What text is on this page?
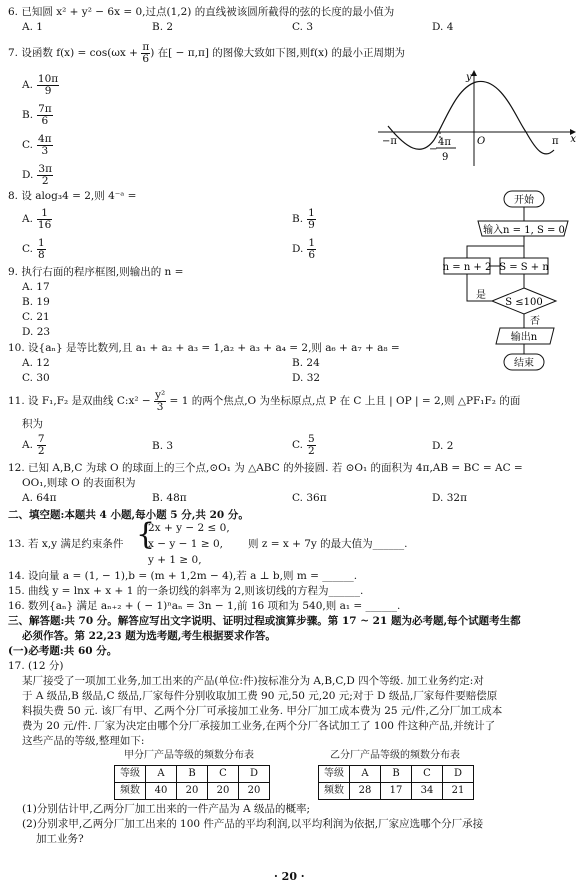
6. 已知圆 x² + y² − 6x = 0,过点(1,2) 的直线被该圆所截得的弦的长度的最小值为
A. 1	B. 2	C. 3	D. 4
7. 设函数 $f(x) = \cos(\omega x + \frac{\pi}{6}$ ) 在[ − π,π] 的图像大致如下图,则f(x) 的最小正周期为
A. $\frac{10\pi}{9}$
B. $\frac{7\pi}{6}$
C. $\frac{4\pi}{3}$
D. $\frac{3\pi}{2}$
x
y
−π	π
O
−
4π
9
8. 设 alog₃4 = 2,则 4⁻ᵃ =
A. $\frac{1}{16}$	B. $\frac{1}{9}$
C. $\frac{1}{8}$	D. $\frac{1}{6}$
开始
输入n = 1, S = 0
n = n + 2 S = S + n
S ≤100
是
否
输出n
结束
9. 执行右面的程序框图,则输出的 n =
A. 17
B. 19
C. 21
D. 23
10. 设{aₙ} 是等比数列,且 a₁ + a₂ + a₃ = 1,a₂ + a₃ + a₄ = 2,则 a₆ + a₇ + a₈ =
A. 12	B. 24
C. 30	D. 32
11. 设 F₁,F₂ 是双曲线 C:x² − $\frac{\text{y²}}{3} = 1$ 的两个焦点,O 为坐标原点,点 P 在 C 上且 | OP | = 2,则 △PF₁F₂ 的面
积为
A. $\frac{7}{2}$	B. 3	C. $\frac{5}{2}$	D. 2
12. 已知 A,B,C 为球 O 的球面上的三个点,⊙O₁ 为 △ABC 的外接圆. 若 ⊙O₁ 的面积为 4π,AB = BC = AC =
OO₁,则球 O 的表面积为
A. 64π	B. 48π	C. 36π	D. 32π
二、填空题:本题共 4 小题,每小题 5 分,共 20 分。
13. 若 x,y 满足约束条件 {
2x + y − 2 ≤ 0,
x − y − 1 ≥ 0,
y + 1 ≥ 0,
则 z = x + 7y 的最大值为______.
14. 设向量 a = (1, − 1),b = (m + 1,2m − 4),若 a ⊥ b,则 m = ______.
15. 曲线 y = lnx + x + 1 的一条切线的斜率为 2,则该切线的方程为______.
16. 数列{aₙ} 满足 aₙ₊₂ + ( − 1)ⁿaₙ = 3n − 1,前 16 项和为 540,则 a₁ = ______.
三、解答题:共 70 分。解答应写出文字说明、证明过程或演算步骤。第 17 ~ 21 题为必考题,每个试题考生都
必须作答。第 22,23 题为选考题,考生根据要求作答。
(一)必考题:共 60 分。
17. (12 分)
某厂接受了一项加工业务,加工出来的产品(单位:件)按标准分为 A,B,C,D 四个等级. 加工业务约定:对
于 A 级品,B 级品,C 级品,厂家每件分别收取加工费 90 元,50 元,20 元;对于 D 级品,厂家每件要赔偿原
料损失费 50 元. 该厂有甲、乙两个分厂可承接加工业务. 甲分厂加工成本费为 25 元/件,乙分厂加工成本
费为 20 元/件. 厂家为决定由哪个分厂承接加工业务,在两个分厂各试加工了 100 件这种产品,并统计了
这些产品的等级,整理如下:
甲分厂产品等级的频数分布表
等级	A	B	C	D
频数	40	20	20	20
乙分厂产品等级的频数分布表
等级	A	B	C	D
频数	28	17	34	21
(1)分别估计甲,乙两分厂加工出来的一件产品为 A 级品的概率;
(2)分别求甲,乙两分厂加工出来的 100 件产品的平均利润,以平均利润为依据,厂家应选哪个分厂承接
加工业务?
· 20 ·
